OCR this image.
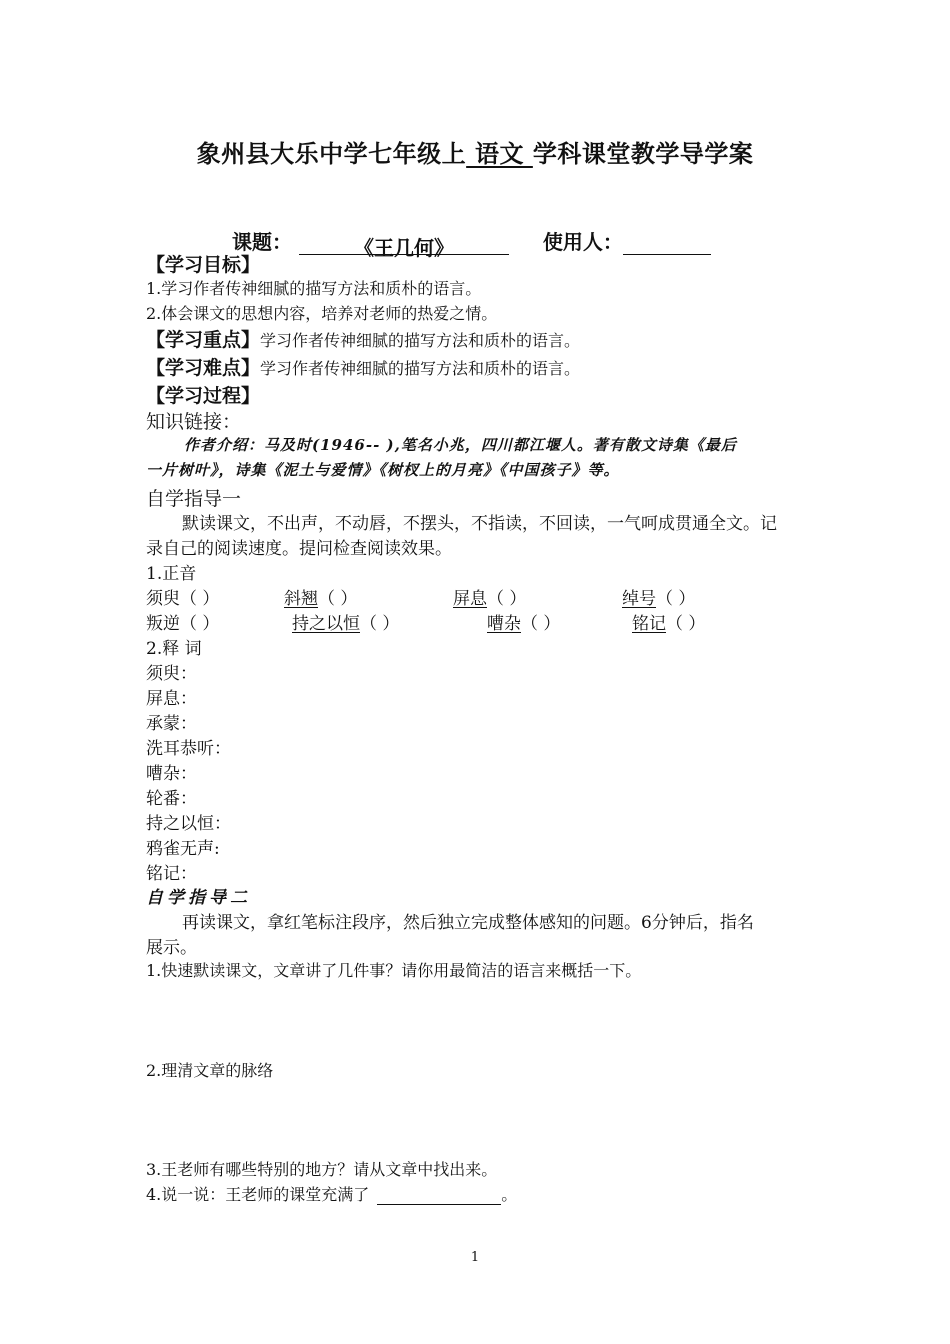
象州县大乐中学七年级上 语文 学科课堂教学导学案
课题：	《王几何》	使用人：
【学习目标】
1.学习作者传神细腻的描写方法和质朴的语言。
2.体会课文的思想内容，培养对老师的热爱之情。
【学习重点】学习作者传神细腻的描写方法和质朴的语言。
【学习难点】学习作者传神细腻的描写方法和质朴的语言。
【学习过程】
知识链接：
作者介绍：马及时(1946-- ),笔名小兆，四川都江堰人。著有散文诗集《最后
一片树叶》，诗集《泥土与爱情》《树杈上的月亮》《中国孩子》等。
自学指导一
默读课文，不出声，不动唇，不摆头，不指读，不回读，一气呵成贯通全文。记
录自己的阅读速度。提问检查阅读效果。
1.正音
须臾（ ）	斜翘（ ）	屏息（ ）	绰号（ ）
叛逆（ ）	持之以恒（ ）	嘈杂（ ）	铭记（ ）
2.释 词
须臾：
屏息：
承蒙：
洗耳恭听：
嘈杂：
轮番：
持之以恒：
鸦雀无声:
铭记：
自学指导二
再读课文，拿红笔标注段序，然后独立完成整体感知的问题。6分钟后，指名
展示。
1.快速默读课文，文章讲了几件事？请你用最简洁的语言来概括一下。
2.理清文章的脉络
3.王老师有哪些特别的地方？请从文章中找出来。
4.说一说：王老师的课堂充满了	。
1
